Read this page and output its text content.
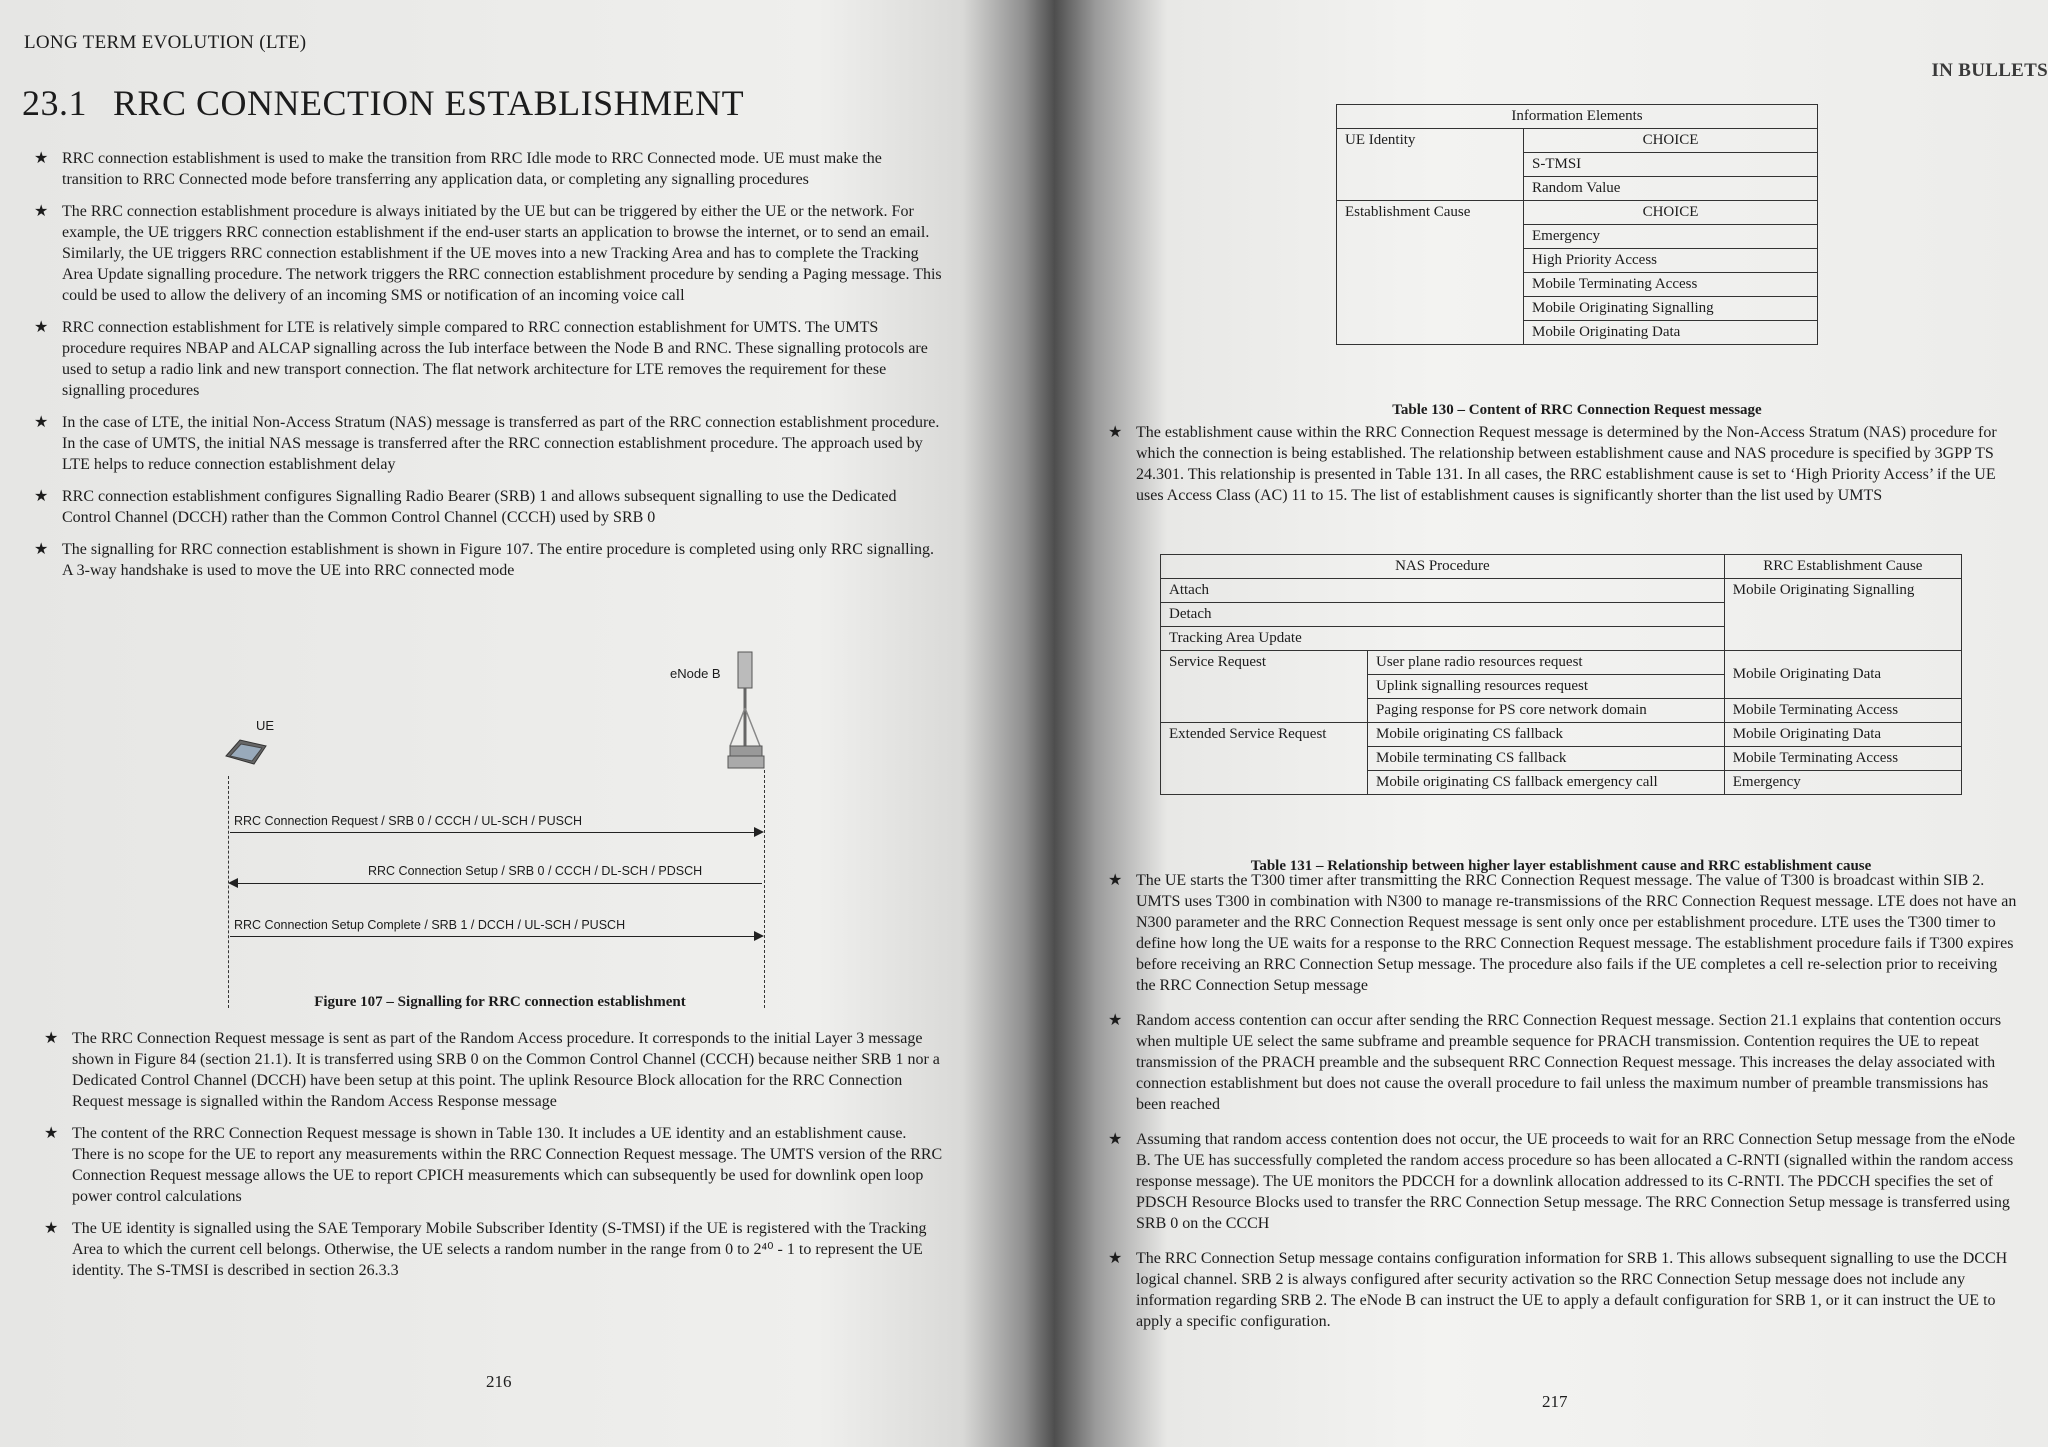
LONG TERM EVOLUTION (LTE)
23.1 RRC CONNECTION ESTABLISHMENT
★ RRC connection establishment is used to make the transition from RRC Idle mode to RRC Connected mode. UE must make the transition to RRC Connected mode before transferring any application data, or completing any signalling procedures
★ The RRC connection establishment procedure is always initiated by the UE but can be triggered by either the UE or the network. For example, the UE triggers RRC connection establishment if the end-user starts an application to browse the internet, or to send an email. Similarly, the UE triggers RRC connection establishment if the UE moves into a new Tracking Area and has to complete the Tracking Area Update signalling procedure. The network triggers the RRC connection establishment procedure by sending a Paging message. This could be used to allow the delivery of an incoming SMS or notification of an incoming voice call
★ RRC connection establishment for LTE is relatively simple compared to RRC connection establishment for UMTS. The UMTS procedure requires NBAP and ALCAP signalling across the Iub interface between the Node B and RNC. These signalling protocols are used to setup a radio link and new transport connection. The flat network architecture for LTE removes the requirement for these signalling procedures
★ In the case of LTE, the initial Non-Access Stratum (NAS) message is transferred as part of the RRC connection establishment procedure. In the case of UMTS, the initial NAS message is transferred after the RRC connection establishment procedure. The approach used by LTE helps to reduce connection establishment delay
★ RRC connection establishment configures Signalling Radio Bearer (SRB) 1 and allows subsequent signalling to use the Dedicated Control Channel (DCCH) rather than the Common Control Channel (CCCH) used by SRB 0
★ The signalling for RRC connection establishment is shown in Figure 107. The entire procedure is completed using only RRC signalling. A 3-way handshake is used to move the UE into RRC connected mode
eNode B
UE
RRC Connection Request / SRB 0 / CCCH / UL-SCH / PUSCH
RRC Connection Setup / SRB 0 / CCCH / DL-SCH / PDSCH
RRC Connection Setup Complete / SRB 1 / DCCH / UL-SCH / PUSCH
Figure 107 – Signalling for RRC connection establishment
★ The RRC Connection Request message is sent as part of the Random Access procedure. It corresponds to the initial Layer 3 message shown in Figure 84 (section 21.1). It is transferred using SRB 0 on the Common Control Channel (CCCH) because neither SRB 1 nor a Dedicated Control Channel (DCCH) have been setup at this point. The uplink Resource Block allocation for the RRC Connection Request message is signalled within the Random Access Response message
★ The content of the RRC Connection Request message is shown in Table 130. It includes a UE identity and an establishment cause. There is no scope for the UE to report any measurements within the RRC Connection Request message. The UMTS version of the RRC Connection Request message allows the UE to report CPICH measurements which can subsequently be used for downlink open loop power control calculations
★ The UE identity is signalled using the SAE Temporary Mobile Subscriber Identity (S-TMSI) if the UE is registered with the Tracking Area to which the current cell belongs. Otherwise, the UE selects a random number in the range from 0 to 2⁴⁰ - 1 to represent the UE identity. The S-TMSI is described in section 26.3.3
216
IN BULLETS
Information Elements	
UE Identity	CHOICE
	S-TMSI
	Random Value
Establishment Cause	CHOICE
	Emergency
	High Priority Access
	Mobile Terminating Access
	Mobile Originating Signalling
	Mobile Originating Data
Table 130 – Content of RRC Connection Request message
★ The establishment cause within the RRC Connection Request message is determined by the Non-Access Stratum (NAS) procedure for which the connection is being established. The relationship between establishment cause and NAS procedure is specified by 3GPP TS 24.301. This relationship is presented in Table 131. In all cases, the RRC establishment cause is set to ‘High Priority Access’ if the UE uses Access Class (AC) 11 to 15. The list of establishment causes is significantly shorter than the list used by UMTS
NAS Procedure		RRC Establishment Cause
Attach		Mobile Originating Signalling
Detach		
Tracking Area Update		
Service Request	User plane radio resources request	Mobile Originating Data
	Uplink signalling resources request	
	Paging response for PS core network domain	Mobile Terminating Access
Extended Service Request	Mobile originating CS fallback	Mobile Originating Data
	Mobile terminating CS fallback	Mobile Terminating Access
	Mobile originating CS fallback emergency call	Emergency
Table 131 – Relationship between higher layer establishment cause and RRC establishment cause
★ The UE starts the T300 timer after transmitting the RRC Connection Request message. The value of T300 is broadcast within SIB 2. UMTS uses T300 in combination with N300 to manage re-transmissions of the RRC Connection Request message. LTE does not have an N300 parameter and the RRC Connection Request message is sent only once per establishment procedure. LTE uses the T300 timer to define how long the UE waits for a response to the RRC Connection Request message. The establishment procedure fails if T300 expires before receiving an RRC Connection Setup message. The procedure also fails if the UE completes a cell re-selection prior to receiving the RRC Connection Setup message
★ Random access contention can occur after sending the RRC Connection Request message. Section 21.1 explains that contention occurs when multiple UE select the same subframe and preamble sequence for PRACH transmission. Contention requires the UE to repeat transmission of the PRACH preamble and the subsequent RRC Connection Request message. This increases the delay associated with connection establishment but does not cause the overall procedure to fail unless the maximum number of preamble transmissions has been reached
★ Assuming that random access contention does not occur, the UE proceeds to wait for an RRC Connection Setup message from the eNode B. The UE has successfully completed the random access procedure so has been allocated a C-RNTI (signalled within the random access response message). The UE monitors the PDCCH for a downlink allocation addressed to its C-RNTI. The PDCCH specifies the set of PDSCH Resource Blocks used to transfer the RRC Connection Setup message. The RRC Connection Setup message is transferred using SRB 0 on the CCCH
★ The RRC Connection Setup message contains configuration information for SRB 1. This allows subsequent signalling to use the DCCH logical channel. SRB 2 is always configured after security activation so the RRC Connection Setup message does not include any information regarding SRB 2. The eNode B can instruct the UE to apply a default configuration for SRB 1, or it can instruct the UE to apply a specific configuration.
217
